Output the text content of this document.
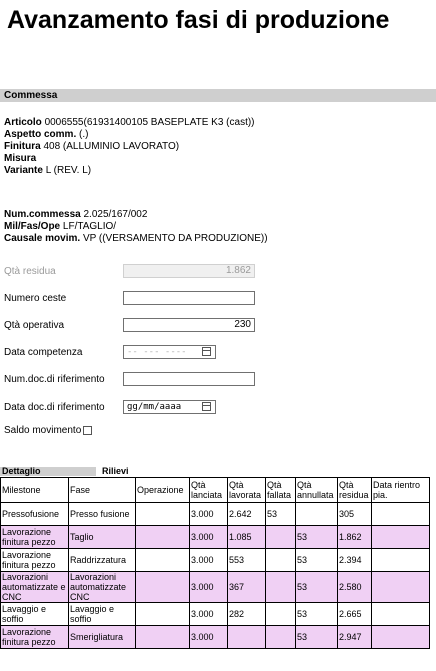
Avanzamento fasi di produzione
Commessa
Articolo 0006555(61931400105 BASEPLATE K3 (cast))
Aspetto comm. (.)
Finitura 408 (ALLUMINIO LAVORATO)
Misura
Variante L (REV. L)
Num.commessa 2.025/167/002
Mil/Fas/Ope LF/TAGLIO/
Causale movim. VP ((VERSAMENTO DA PRODUZIONE))
Qtà residua	1.862
Numero ceste
Qtà operativa	230
Data competenza	-- --- ----
Num.doc.di riferimento
Data doc.di riferimento	gg/mm/aaaa
Saldo movimento
Dettaglio	Rilievi
Milestone	Fase	Operazione	Qtà lanciata	Qtà lavorata	Qtà fallata	Qtà annullata	Qtà residua	Data rientro pia.
Pressofusione	Presso fusione		3.000	2.642	53		305	
Lavorazione finitura pezzo	Taglio		3.000	1.085		53	1.862	
Lavorazione finitura pezzo	Raddrizzatura		3.000	553		53	2.394	
Lavorazioni automatizzate e CNC	Lavorazioni automatizzate CNC		3.000	367		53	2.580	
Lavaggio e soffio	Lavaggio e soffio		3.000	282		53	2.665	
Lavorazione finitura pezzo	Smerigliatura		3.000			53	2.947	
